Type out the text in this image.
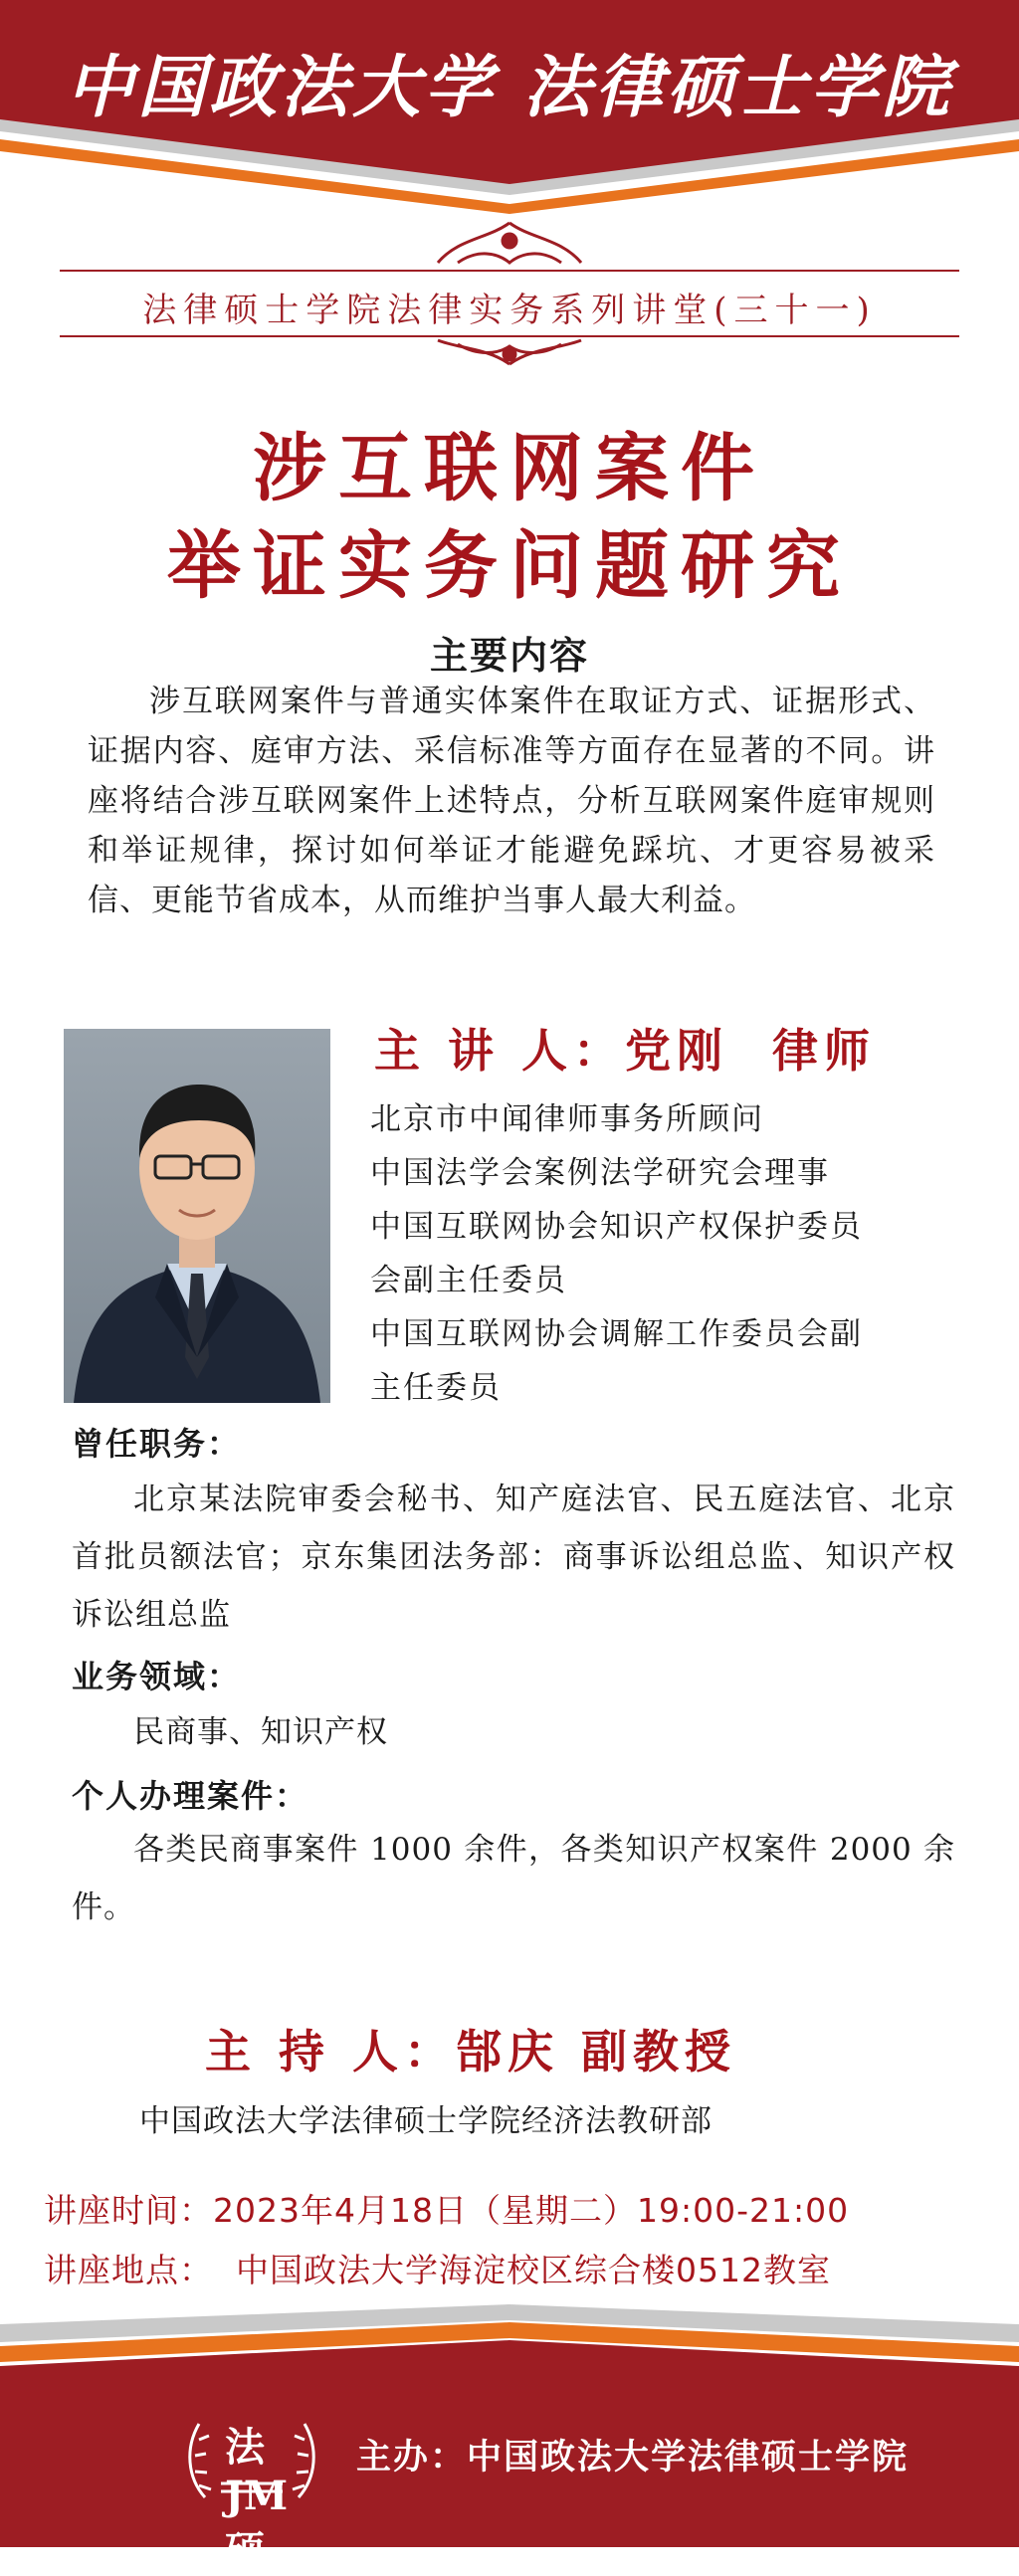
中国政法大学 法律硕士学院
法律硕士学院法律实务系列讲堂(三十一)
涉互联网案件
举证实务问题研究
主要内容
涉互联网案件与普通实体案件在取证方式、证据形式、证据内容、庭审方法、采信标准等方面存在显著的不同。讲座将结合涉互联网案件上述特点，分析互联网案件庭审规则和举证规律，探讨如何举证才能避免踩坑、才更容易被采信、更能节省成本，从而维护当事人最大利益。
主 讲 人：党刚  律师
北京市中闻律师事务所顾问
中国法学会案例法学研究会理事
中国互联网协会知识产权保护委员
会副主任委员
中国互联网协会调解工作委员会副
主任委员
曾任职务：
北京某法院审委会秘书、知产庭法官、民五庭法官、北京首批员额法官；京东集团法务部：商事诉讼组总监、知识产权诉讼组总监
业务领域：
民商事、知识产权
个人办理案件：
各类民商事案件 1000 余件，各类知识产权案件 2000 余件。
主 持 人：郜庆 副教授
中国政法大学法律硕士学院经济法教研部
讲座时间：2023年4月18日（星期二）19:00-21:00
讲座地点：  中国政法大学海淀校区综合楼0512教室
法JM硕
主办：中国政法大学法律硕士学院
